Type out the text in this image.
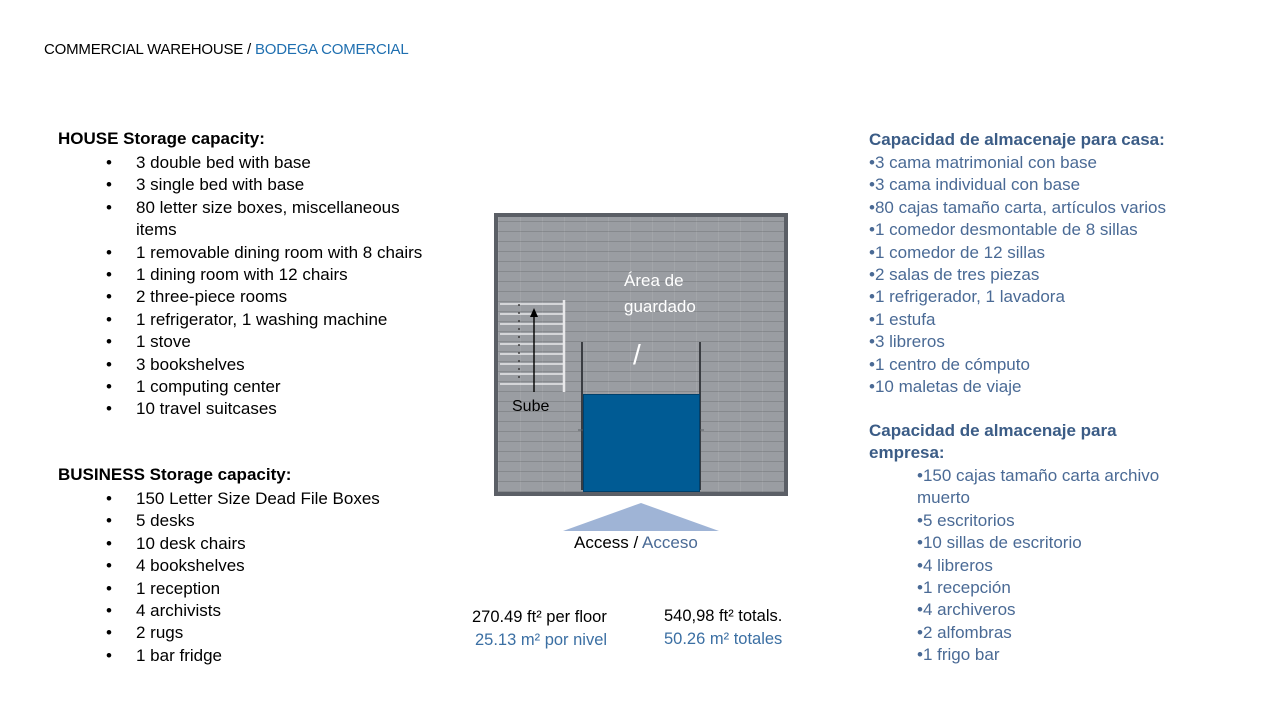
COMMERCIAL WAREHOUSE / BODEGA COMERCIAL
HOUSE Storage capacity:
• 3 double bed with base
• 3 single bed with base
• 80 letter size boxes, miscellaneous items
• 1 removable dining room with 8 chairs
• 1 dining room with 12 chairs
• 2 three-piece rooms
• 1 refrigerator, 1 washing machine
• 1 stove
• 3 bookshelves
• 1 computing center
• 10 travel suitcases
BUSINESS Storage capacity:
• 150 Letter Size Dead File Boxes
• 5 desks
• 10 desk chairs
• 4 bookshelves
• 1 reception
• 4 archivists
• 2 rugs
• 1 bar fridge
Capacidad de almacenaje para casa:
•3 cama matrimonial con base
•3 cama individual con base
•80 cajas tamaño carta, artículos varios
•1 comedor desmontable de 8 sillas
•1 comedor de 12 sillas
•2 salas de tres piezas
•1 refrigerador, 1 lavadora
•1 estufa
•3 libreros
•1 centro de cómputo
•10 maletas de viaje
Capacidad de almacenaje para empresa:
•150 cajas tamaño carta archivo muerto
•5 escritorios
•10 sillas de escritorio
•4 libreros
•1 recepción
•4 archiveros
•2 alfombras
•1 frigo bar
Sube
Área de guardado
/
Access / Acceso
270.49 ft² per floor
25.13 m² por nivel
540,98 ft² totals.
50.26 m² totales
